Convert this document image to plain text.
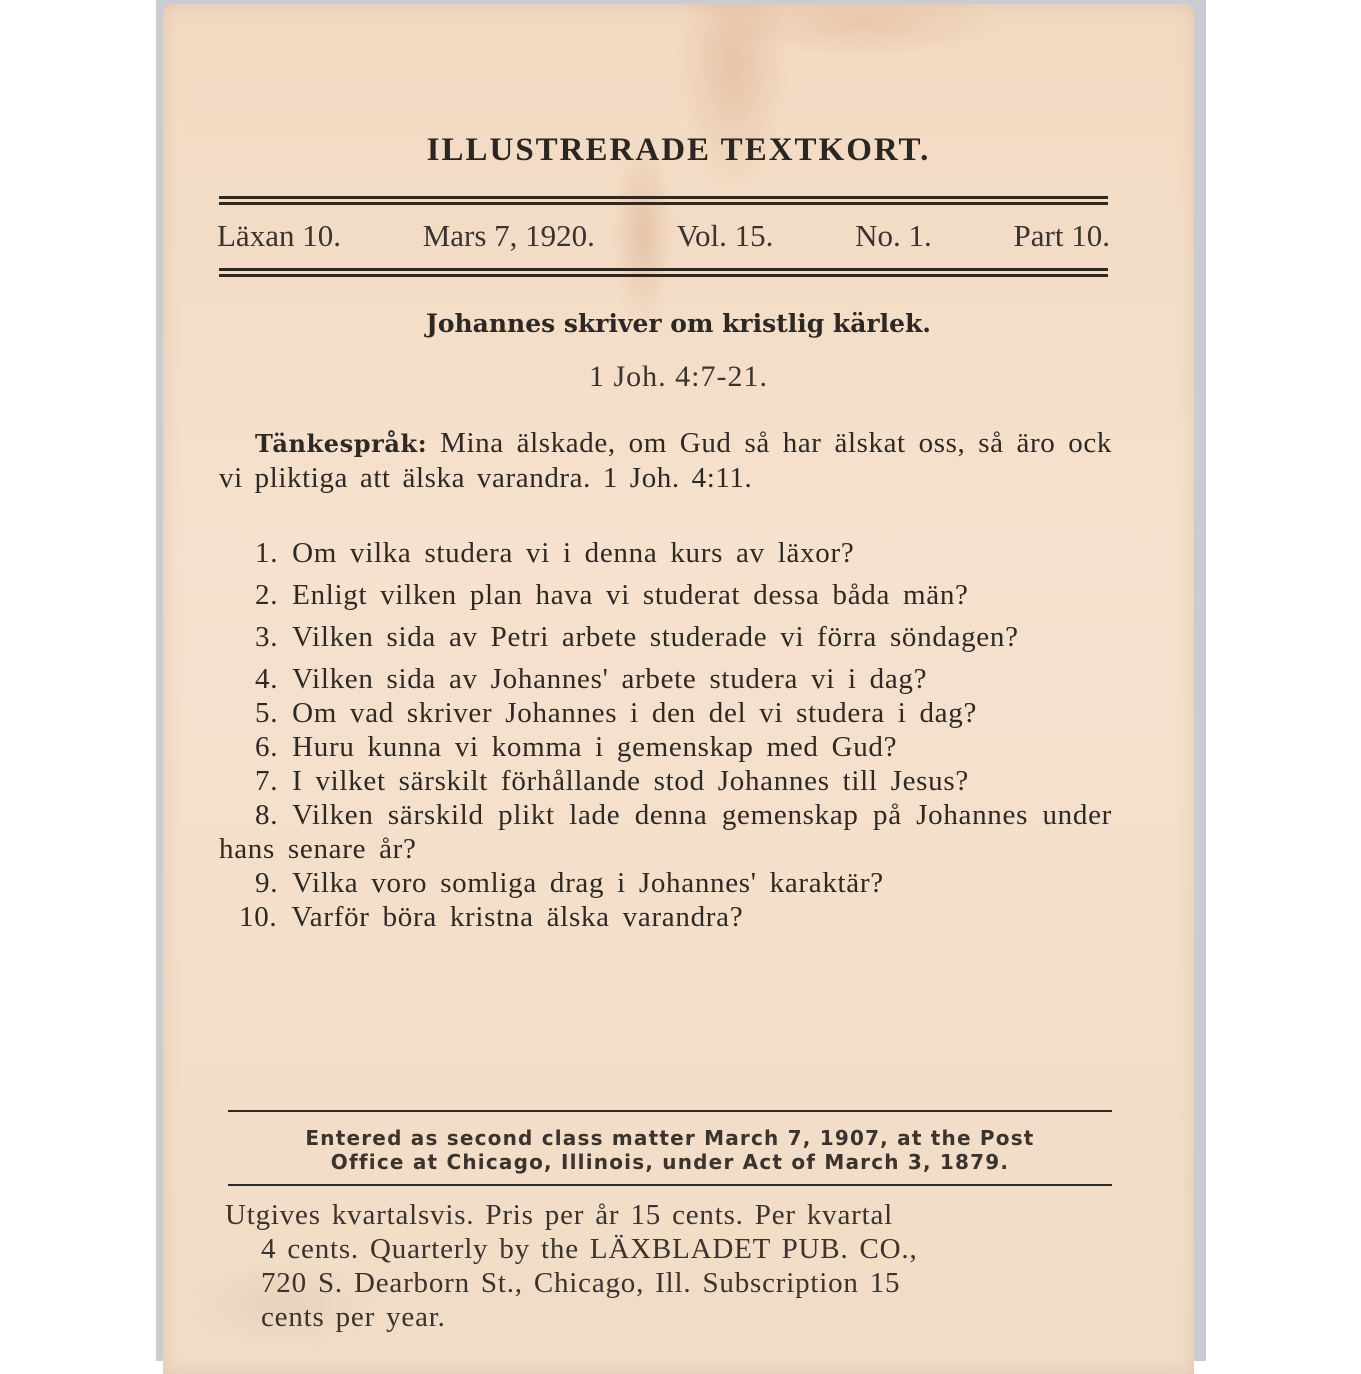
ILLUSTRERADE TEXTKORT.
Läxan 10.	Mars 7, 1920.	Vol. 15.	No. 1.	Part 10.
Johannes skriver om kristlig kärlek.
1 Joh. 4:7-21.
Tänkespråk: Mina älskade, om Gud så har älskat oss, så äro ock vi pliktiga att älska varandra. 1 Joh. 4:11.
1. Om vilka studera vi i denna kurs av läxor?
2. Enligt vilken plan hava vi studerat dessa båda män?
3. Vilken sida av Petri arbete studerade vi förra söndagen?
4. Vilken sida av Johannes' arbete studera vi i dag?
5. Om vad skriver Johannes i den del vi studera i dag?
6. Huru kunna vi komma i gemenskap med Gud?
7. I vilket särskilt förhållande stod Johannes till Jesus?
8. Vilken särskild plikt lade denna gemenskap på Johannes under hans senare år?
9. Vilka voro somliga drag i Johannes' karaktär?
10. Varför böra kristna älska varandra?
Entered as second class matter March 7, 1907, at the Post
Office at Chicago, Illinois, under Act of March 3, 1879.
Utgives kvartalsvis. Pris per år 15 cents. Per kvartal
4 cents. Quarterly by the LÄXBLADET PUB. CO.,
720 S. Dearborn St., Chicago, Ill. Subscription 15
cents per year.
